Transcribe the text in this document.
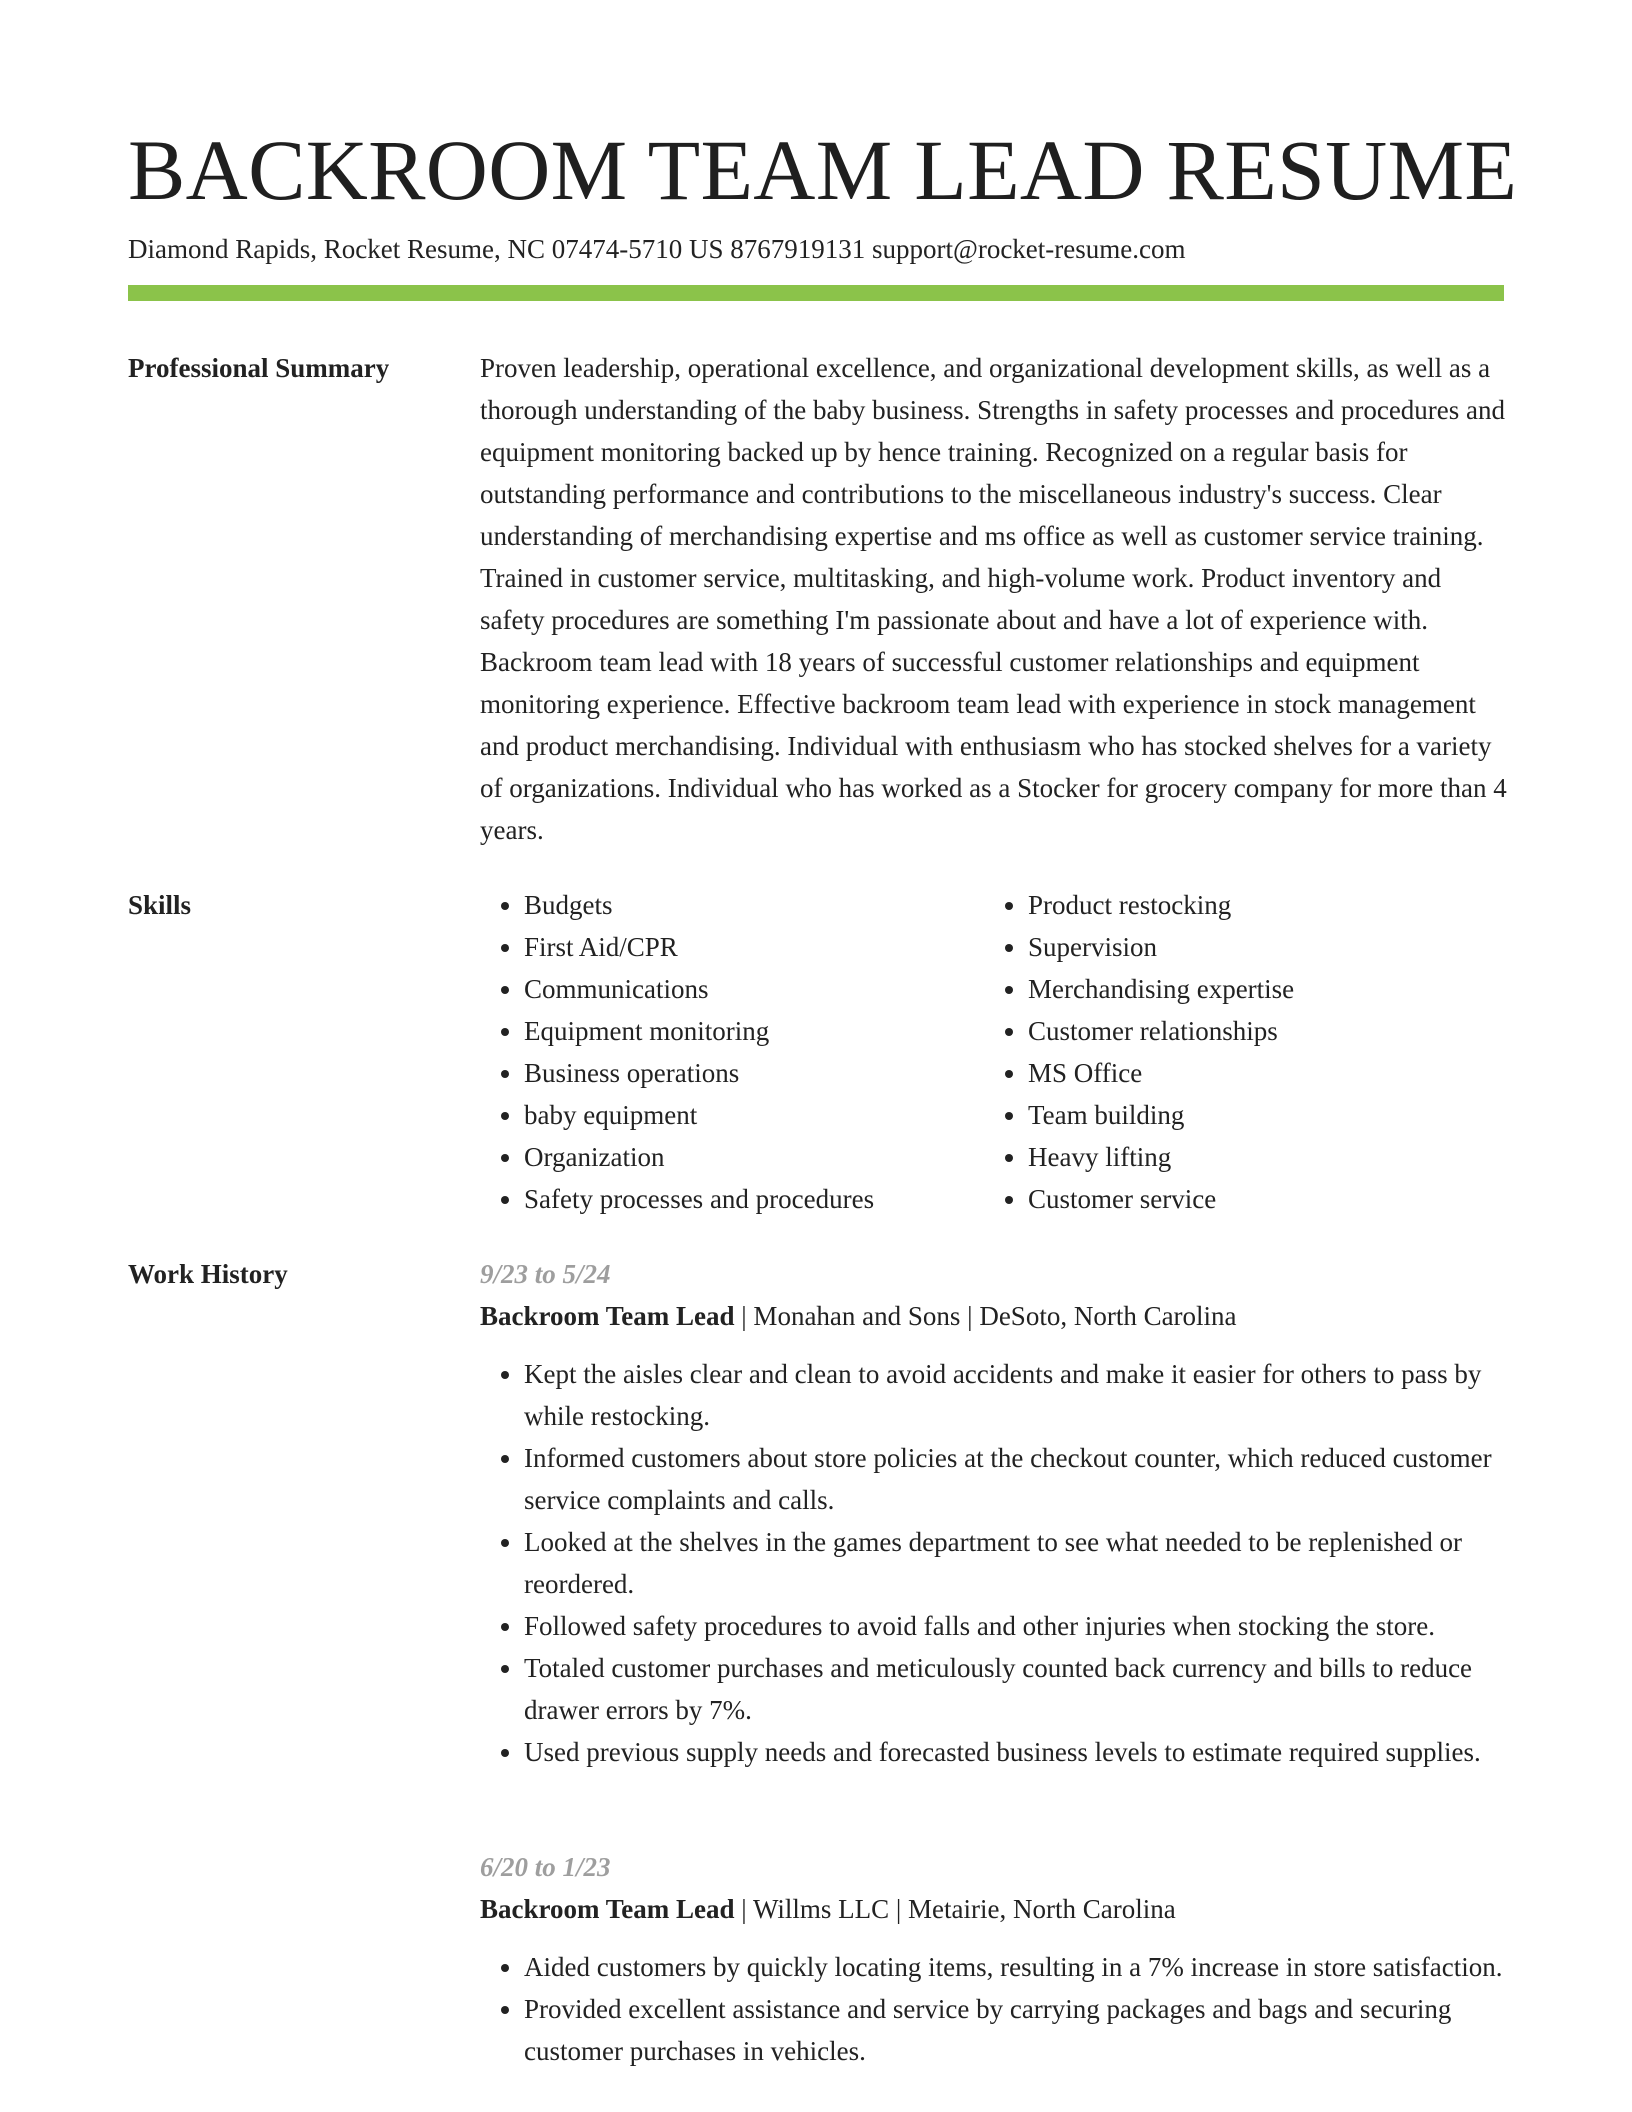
BACKROOM TEAM LEAD RESUME
Diamond Rapids, Rocket Resume, NC 07474-5710 US 8767919131 support@rocket-resume.com
Professional Summary	Proven leadership, operational excellence, and organizational development skills, as well as a thorough understanding of the baby business. Strengths in safety processes and procedures and equipment monitoring backed up by hence training. Recognized on a regular basis for outstanding performance and contributions to the miscellaneous industry's success. Clear understanding of merchandising expertise and ms office as well as customer service training. Trained in customer service, multitasking, and high-volume work. Product inventory and safety procedures are something I'm passionate about and have a lot of experience with. Backroom team lead with 18 years of successful customer relationships and equipment monitoring experience. Effective backroom team lead with experience in stock management and product merchandising. Individual with enthusiasm who has stocked shelves for a variety of organizations. Individual who has worked as a Stocker for grocery company for more than 4 years.

Skills
•	Budgets
• First Aid/CPR
• Communications
• Equipment monitoring
• Business operations
• baby equipment
• Organization
• Safety processes and procedures
• Product restocking
• Supervision
• Merchandising expertise
• Customer relationships
• MS Office
• Team building
• Heavy lifting
• Customer service
Work History	9/23 to 5/24
Backroom Team Lead | Monahan and Sons | DeSoto, North Carolina
• Kept the aisles clear and clean to avoid accidents and make it easier for others to pass by while restocking.
• Informed customers about store policies at the checkout counter, which reduced customer service complaints and calls.
• Looked at the shelves in the games department to see what needed to be replenished or reordered.
• Followed safety procedures to avoid falls and other injuries when stocking the store.
• Totaled customer purchases and meticulously counted back currency and bills to reduce drawer errors by 7%.
• Used previous supply needs and forecasted business levels to estimate required supplies.
6/20 to 1/23
Backroom Team Lead | Willms LLC | Metairie, North Carolina
• Aided customers by quickly locating items, resulting in a 7% increase in store satisfaction.
• Provided excellent assistance and service by carrying packages and bags and securing customer purchases in vehicles.
